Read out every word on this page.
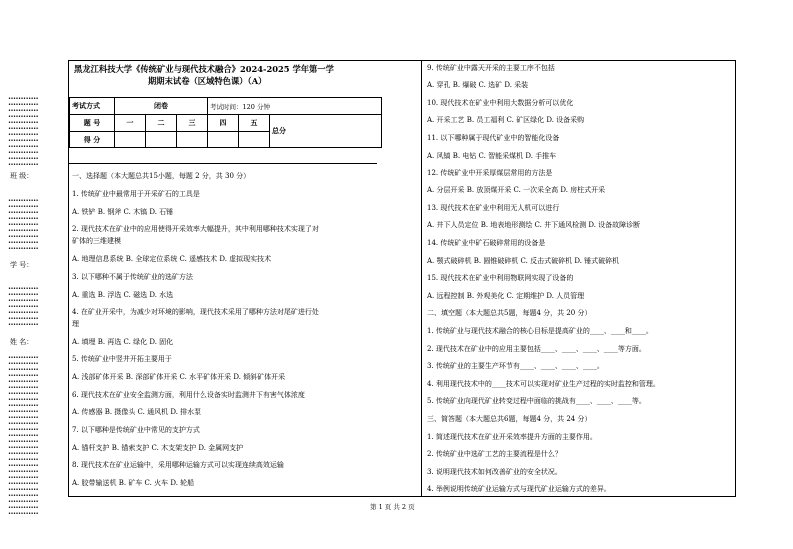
••••••••••••
••••••••••••
••••••••••••
••••••••••••
••••••••••••
••••••••••••
••••••••••••
••••••••••••
••••••••••••
••••••••••••
••••••••••••
••••••••••••
••••••••••••
••••••••••••
••••••••••••
••••••••••••
••••••••••••
••••••••••••
••••••••••••
••••••••••••
••••••••••••
••••••••••••
••••••••••••
••••••••••••
••••••••••••
••••••••••••
••••••••••••
••••••••••••
••••••••••••
••••••••••••
••••••••••••
••••••••••••
••••••••••••
••••••••••••
••••••••••••
••••••••••••
••••••••••••
••••••••••••
••••••••••••
••••••••••••
••••••••••••
••••••••••••
••••••••••••
••••••••••••
••••••••••••
••••••••••••
••••••••••••
••••••••••••
••••••••••••
••••••••••••
••••••••••••
••••••••••••
••••••••••••
••••••••••••
••••••••••••
班 级：
学 号：
姓 名：
黑龙江科技大学《传统矿业与现代技术融合》2024-2025 学年第一学
期期末试卷（区域特色课）（A）
考试方式	闭卷			考试时间：120 分钟		
题 号	一	二	三	四	五	总分
得 分						
一、选择题（本大题总共15小题，每题 2 分，共 30 分）
1. 传统矿业中最常用于开采矿石的工具是
A. 铁铲 B. 钢斧 C. 木镐 D. 石锤
2. 现代技术在矿业中的应用使得开采效率大幅提升，其中利用哪种技术实现了对
矿体的三维建模
A. 地理信息系统 B. 全球定位系统 C. 遥感技术 D. 虚拟现实技术
3. 以下哪种不属于传统矿业的选矿方法
A. 重选 B. 浮选 C. 磁选 D. 水选
4. 在矿业开采中，为减少对环境的影响，现代技术采用了哪种方法对尾矿进行处
理
A. 填埋 B. 再选 C. 绿化 D. 固化
5. 传统矿业中竖井开拓主要用于
A. 浅部矿体开采 B. 深部矿体开采 C. 水平矿体开采 D. 倾斜矿体开采
6. 现代技术在矿业安全监测方面，利用什么设备实时监测井下有害气体浓度
A. 传感器 B. 摄像头 C. 通风机 D. 排水泵
7. 以下哪种是传统矿业中常见的支护方式
A. 锚杆支护 B. 锚索支护 C. 木支架支护 D. 金属网支护
8. 现代技术在矿业运输中，采用哪种运输方式可以实现连续高效运输
A. 胶带输送机 B. 矿车 C. 火车 D. 轮船
9. 传统矿业中露天开采的主要工序不包括
A. 穿孔 B. 爆破 C. 选矿 D. 采装
10. 现代技术在矿业中利用大数据分析可以优化
A. 开采工艺 B. 员工福利 C. 矿区绿化 D. 设备采购
11. 以下哪种属于现代矿业中的智能化设备
A. 风镐 B. 电钻 C. 智能采煤机 D. 手推车
12. 传统矿业中开采厚煤层常用的方法是
A. 分层开采 B. 放顶煤开采 C. 一次采全高 D. 房柱式开采
13. 现代技术在矿业中利用无人机可以进行
A. 井下人员定位 B. 地表地形测绘 C. 井下通风检测 D. 设备故障诊断
14. 传统矿业中矿石破碎常用的设备是
A. 颚式破碎机 B. 圆锥破碎机 C. 反击式破碎机 D. 锤式破碎机
15. 现代技术在矿业中利用物联网实现了设备的
A. 远程控制 B. 外观美化 C. 定期维护 D. 人员管理
二、填空题（本大题总共5题，每题4 分，共 20 分）
1. 传统矿业与现代技术融合的核心目标是提高矿业的____、____和____。
2. 现代技术在矿业中的应用主要包括____、____、____、____等方面。
3. 传统矿业的主要生产环节有____、____、____、____。
4. 利用现代技术中的____技术可以实现对矿业生产过程的实时监控和管理。
5. 传统矿业向现代矿业转变过程中面临的挑战有____、____、____等。
三、简答题（本大题总共6题，每题4 分，共 24 分）
1. 简述现代技术在矿业开采效率提升方面的主要作用。
2. 传统矿业中选矿工艺的主要流程是什么？
3. 说明现代技术如何改善矿业的安全状况。
4. 举例说明传统矿业运输方式与现代矿业运输方式的差异。
第 1 页 共 2 页
